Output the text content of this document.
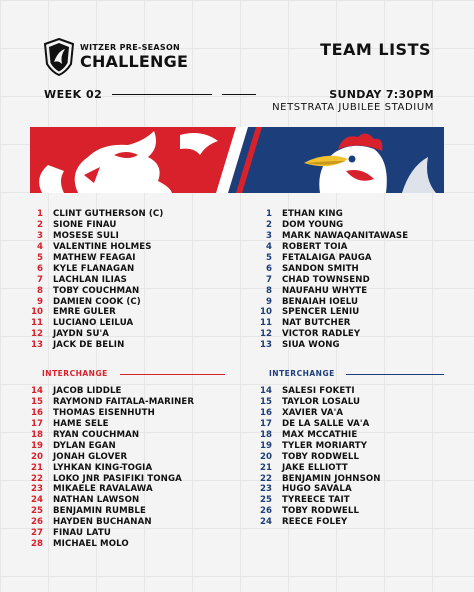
WITZER PRE-SEASON
CHALLENGE
TEAM LISTS
WEEK 02	SUNDAY 7:30PM
NETSTRATA JUBILEE STADIUM
1 CLINT GUTHERSON (C)
2 SIONE FINAU
3 MOSESE SULI
4 VALENTINE HOLMES
5 MATHEW FEAGAI
6 KYLE FLANAGAN
7 LACHLAN ILIAS
8 TOBY COUCHMAN
9 DAMIEN COOK (C)
10 EMRE GULER
11 LUCIANO LEILUA
12 JAYDN SU'A
13 JACK DE BELIN
1 ETHAN KING
2 DOM YOUNG
3 MARK NAWAQANITAWASE
4 ROBERT TOIA
5 FETALAIGA PAUGA
6 SANDON SMITH
7 CHAD TOWNSEND
8 NAUFAHU WHYTE
9 BENAIAH IOELU
10 SPENCER LENIU
11 NAT BUTCHER
12 VICTOR RADLEY
13 SIUA WONG
INTERCHANGE	INTERCHANGE
14 JACOB LIDDLE
15 RAYMOND FAITALA-MARINER
16 THOMAS EISENHUTH
17 HAME SELE
18 RYAN COUCHMAN
19 DYLAN EGAN
20 JONAH GLOVER
21 LYHKAN KING-TOGIA
22 LOKO JNR PASIFIKI TONGA
23 MIKAELE RAVALAWA
24 NATHAN LAWSON
25 BENJAMIN RUMBLE
26 HAYDEN BUCHANAN
27 FINAU LATU
28 MICHAEL MOLO
14 SALESI FOKETI
15 TAYLOR LOSALU
16 XAVIER VA'A
17 DE LA SALLE VA'A
18 MAX MCCATHIE
19 TYLER MORIARTY
20 TOBY RODWELL
21 JAKE ELLIOTT
22 BENJAMIN JOHNSON
23 HUGO SAVALA
25 TYREECE TAIT
26 TOBY RODWELL
24 REECE FOLEY
